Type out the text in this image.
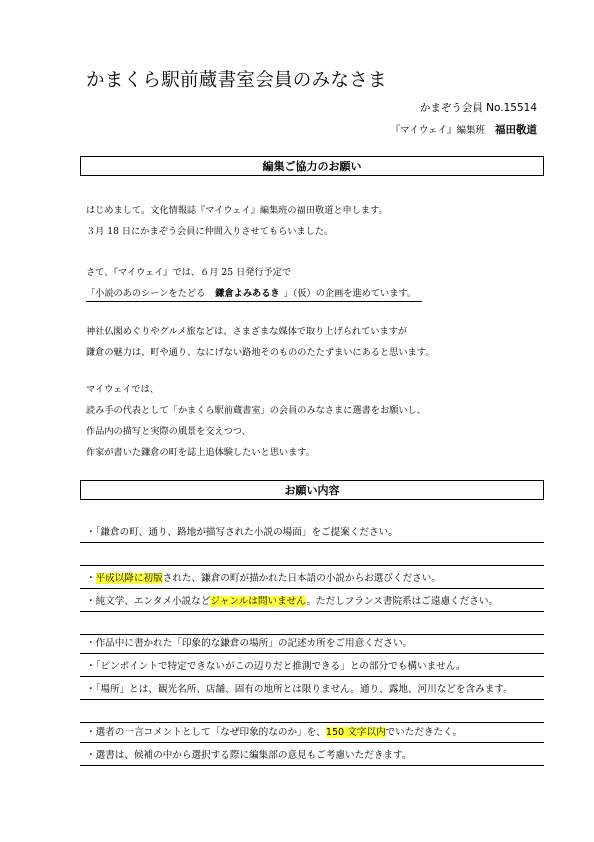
かまくら駅前蔵書室会員のみなさま
かまぞう会員 No.15514
『マイウェイ』編集班 福田敬道
編集ご協力のお願い
はじめまして。文化情報誌『マイウェイ』編集班の福田敬道と申します。
３月 18 日にかまぞう会員に仲間入りさせてもらいました。
さて、『マイウェイ』では、６月 25 日発行予定で
「小説のあのシーンをたどる 鎌倉よみあるき 」（仮）の企画を進めています。
神社仏閣めぐりやグルメ旅などは、さまざまな媒体で取り上げられていますが
鎌倉の魅力は、町や通り、なにげない路地そのもののたたずまいにあると思います。
マイウェイでは、
読み手の代表として「かまくら駅前蔵書室」の会員のみなさまに選書をお願いし、
作品内の描写と実際の風景を交えつつ、
作家が書いた鎌倉の町を誌上追体験したいと思います。
お願い内容
・「鎌倉の町、通り、路地が描写された小説の場面」をご提案ください。
・平成以降に初版された、鎌倉の町が描かれた日本語の小説からお選びください。
・純文学、エンタメ小説などジャンルは問いません。ただしフランス書院系はご遠慮ください。
・作品中に書かれた「印象的な鎌倉の場所」の記述カ所をご用意ください。
・「ピンポイントで特定できないがこの辺りだと推測できる」との部分でも構いません。
・「場所」とは、観光名所、店舗、固有の地所とは限りません。通り、露地、河川などを含みます。
・選者の一言コメントとして「なぜ印象的なのか」を、150 文字以内でいただきたく。
・選書は、候補の中から選択する際に編集部の意見もご考慮いただきます。
